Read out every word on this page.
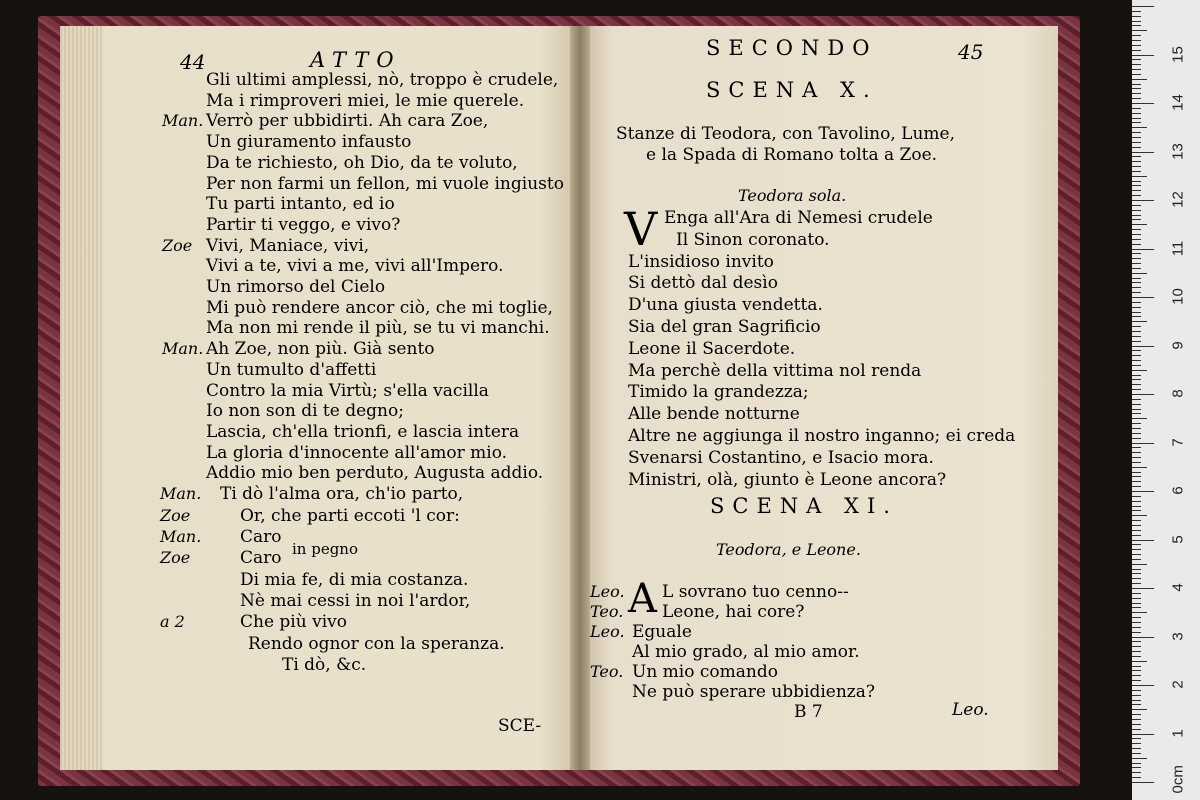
44	ATTO
Gli ultimi amplessi, nò, troppo è crudele,
Ma i rimproveri miei, le mie querele.
Man. Verrò per ubbidirti. Ah cara Zoe,
Un giuramento infausto
Da te richiesto, oh Dio, da te voluto,
Per non farmi un fellon, mi vuole ingiusto
Tu parti intanto, ed io
Partir ti veggo, e vivo?
Zoe Vivi, Maniace, vivi,
Vivi a te, vivi a me, vivi all'Impero.
Un rimorso del Cielo
Mi può rendere ancor ciò, che mi toglie,
Ma non mi rende il più, se tu vi manchi.
Man. Ah Zoe, non più. Già sento
Un tumulto d'affetti
Contro la mia Virtù; s'ella vacilla
Io non son di te degno;
Lascia, ch'ella trionfi, e lascia intera
La gloria d'innocente all'amor mio.
Addio mio ben perduto, Augusta addio.
Man. Ti dò l'alma ora, ch'io parto,
Zoe	Or, che parti eccoti 'l cor:
Man. Caro
Zoe	Caro
Di mia fe, di mia costanza.
Nè mai cessi in noi l'ardor,
a 2	Che più vivo
Rendo ognor con la speranza.
Ti dò, &c.
in pegno
SCE-
SECONDO	45
SCENA X.
Stanze di Teodora, con Tavolino, Lume,
e la Spada di Romano tolta a Zoe.
Teodora sola.
V Enga all'Ara di Nemesi crudele
Il Sinon coronato.
L'insidioso invito
Si dettò dal desìo
D'una giusta vendetta.
Sia del gran Sagrificio
Leone il Sacerdote.
Ma perchè della vittima nol renda
Timido la grandezza;
Alle bende notturne
Altre ne aggiunga il nostro inganno; ei creda
Svenarsi Costantino, e Isacio mora.
Ministri, olà, giunto è Leone ancora?
SCENA XI.
Teodora, e Leone.
A
Leo. L sovrano tuo cenno--
Teo. Leone, hai core?
Leo. Eguale
Al mio grado, al mio amor.
Teo. Un mio comando
Ne può sperare ubbidienza?
B 7	Leo.
15
14
13
12
11
10
9
8
7
6
5
4
3
2
1
0cm
